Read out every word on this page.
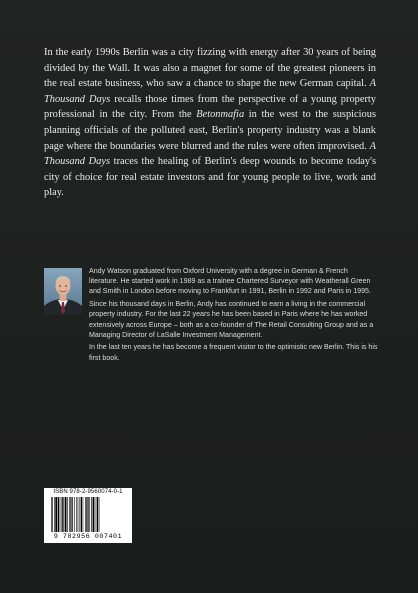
In the early 1990s Berlin was a city fizzing with energy after 30 years of being divided by the Wall. It was also a magnet for some of the greatest pioneers in the real estate business, who saw a chance to shape the new German capital. A Thousand Days recalls those times from the perspective of a young property professional in the city. From the Betonmafia in the west to the suspicious planning officials of the polluted east, Berlin's property industry was a blank page where the boundaries were blurred and the rules were often improvised. A Thousand Days traces the healing of Berlin's deep wounds to become today's city of choice for real estate investors and for young people to live, work and play.

Andy Watson graduated from Oxford University with a degree in German & French literature. He started work in 1989 as a trainee Chartered Surveyor with Weatherall Green and Smith in London before moving to Frankfurt in 1991, Berlin in 1992 and Paris in 1995.

Since his thousand days in Berlin, Andy has continued to earn a living in the commercial property industry. For the last 22 years he has been based in Paris where he has worked extensively across Europe – both as a co-founder of The Retail Consulting Group and as a Managing Director of LaSalle Investment Management.

In the last ten years he has become a frequent visitor to the optimistic new Berlin. This is his first book.

ISBN 978-2-9560074-0-1
9 782956 007401
